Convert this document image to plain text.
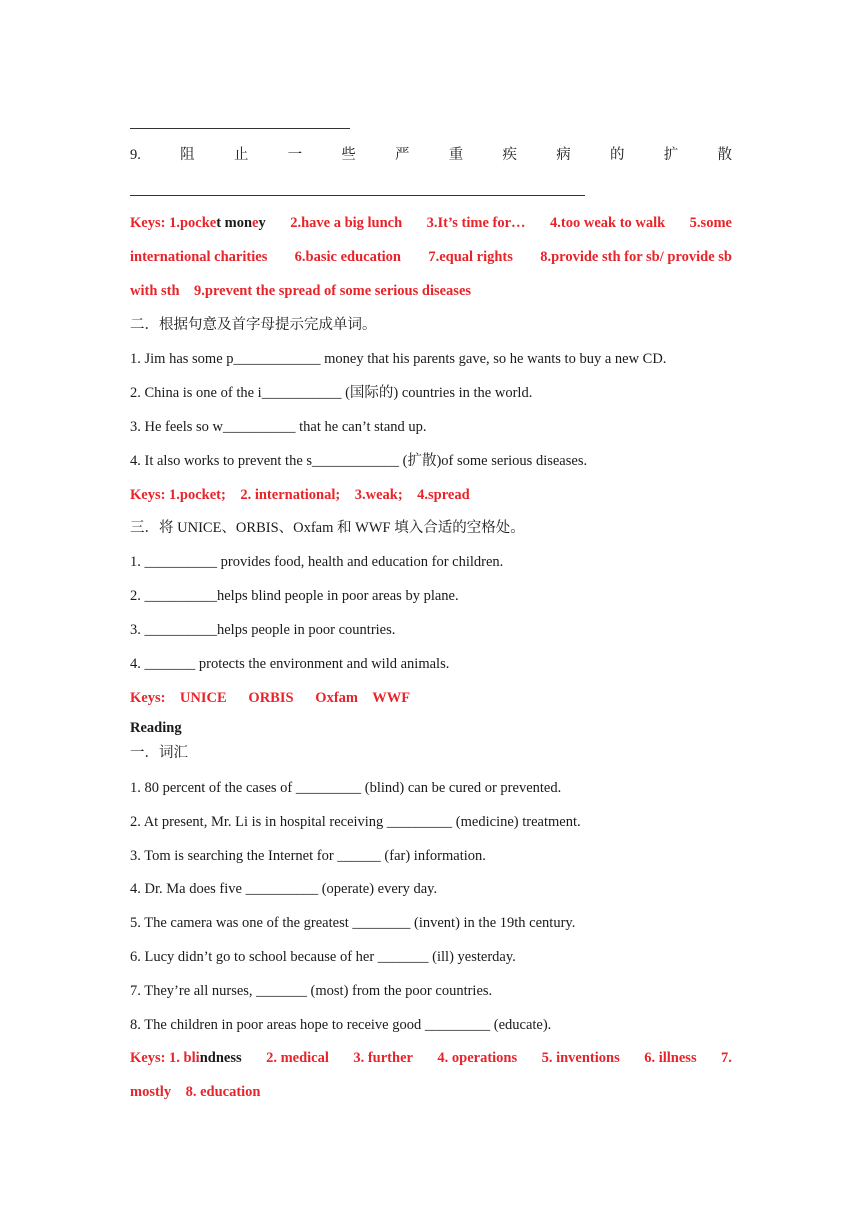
9.	阻	止	一	些	严	重	疾	病	的	扩	散
Keys: 1.pocket money 2.have a big lunch 3.It’s time for… 4.too weak to walk 5.some
international charities 6.basic education 7.equal rights 8.provide sth for sb/ provide sb
with sth    9.prevent the spread of some serious diseases
二．根据句意及首字母提示完成单词。
1. Jim has some p____________ money that his parents gave, so he wants to buy a new CD.
2. China is one of the i___________ (国际的) countries in the world.
3. He feels so w__________ that he can’t stand up.
4. It also works to prevent the s____________ (扩散)of some serious diseases.
Keys: 1.pocket;    2. international;    3.weak;    4.spread
三．将 UNICE、ORBIS、Oxfam 和 WWF 填入合适的空格处。
1. __________ provides food, health and education for children.
2. __________helps blind people in poor areas by plane.
3. __________helps people in poor countries.
4. _______ protects the environment and wild animals.
Keys:    UNICE      ORBIS      Oxfam    WWF
Reading
一．词汇
1. 80 percent of the cases of _________ (blind) can be cured or prevented.
2. At present, Mr. Li is in hospital receiving _________ (medicine) treatment.
3. Tom is searching the Internet for ______ (far) information.
4. Dr. Ma does five __________ (operate) every day.
5. The camera was one of the greatest ________ (invent) in the 19th century.
6. Lucy didn’t go to school because of her _______ (ill) yesterday.
7. They’re all nurses, _______ (most) from the poor countries.
8. The children in poor areas hope to receive good _________ (educate).
Keys: 1. blindness 2. medical 3. further 4. operations 5. inventions 6. illness 7.
mostly    8. education
